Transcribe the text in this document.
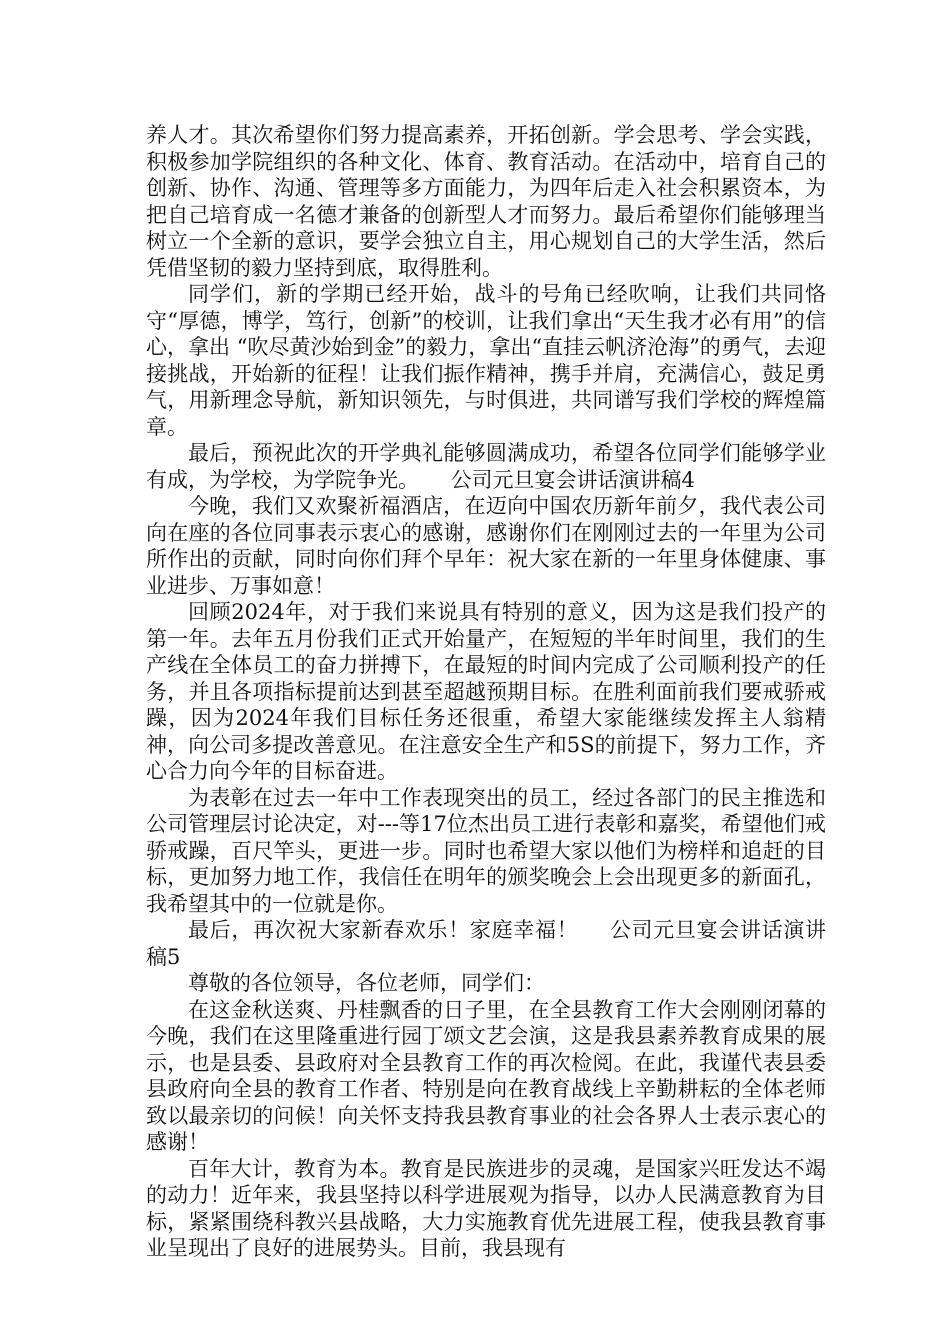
养人才。其次希望你们努力提高素养，开拓创新。学会思考、学会实践，积极参加学院组织的各种文化、体育、教育活动。在活动中，培育自己的创新、协作、沟通、管理等多方面能力，为四年后走入社会积累资本，为把自己培育成一名德才兼备的创新型人才而努力。最后希望你们能够理当树立一个全新的意识，要学会独立自主，用心规划自己的大学生活，然后凭借坚韧的毅力坚持到底，取得胜利。

同学们，新的学期已经开始，战斗的号角已经吹响，让我们共同恪守“厚德，博学，笃行，创新”的校训，让我们拿出“天生我才必有用”的信心，拿出 “吹尽黄沙始到金”的毅力，拿出“直挂云帆济沧海”的勇气，去迎接挑战，开始新的征程！让我们振作精神，携手并肩，充满信心，鼓足勇气，用新理念导航，新知识领先，与时俱进，共同谱写我们学校的辉煌篇章。

最后，预祝此次的开学典礼能够圆满成功，希望各位同学们能够学业有成，为学校，为学院争光。 公司元旦宴会讲话演讲稿4

今晚，我们又欢聚祈福酒店，在迈向中国农历新年前夕，我代表公司向在座的各位同事表示衷心的感谢，感谢你们在刚刚过去的一年里为公司所作出的贡献，同时向你们拜个早年：祝大家在新的一年里身体健康、事业进步、万事如意！

回顾2024年，对于我们来说具有特别的意义，因为这是我们投产的第一年。去年五月份我们正式开始量产，在短短的半年时间里，我们的生产线在全体员工的奋力拼搏下，在最短的时间内完成了公司顺利投产的任务，并且各项指标提前达到甚至超越预期目标。在胜利面前我们要戒骄戒躁，因为2024年我们目标任务还很重，希望大家能继续发挥主人翁精神，向公司多提改善意见。在注意安全生产和5S的前提下，努力工作，齐心合力向今年的目标奋进。

为表彰在过去一年中工作表现突出的员工，经过各部门的民主推选和公司管理层讨论决定，对---等17位杰出员工进行表彰和嘉奖，希望他们戒骄戒躁，百尺竿头，更进一步。同时也希望大家以他们为榜样和追赶的目标，更加努力地工作，我信任在明年的颁奖晚会上会出现更多的新面孔，我希望其中的一位就是你。

最后，再次祝大家新春欢乐！家庭幸福！ 公司元旦宴会讲话演讲稿5

尊敬的各位领导，各位老师，同学们：

在这金秋送爽、丹桂飘香的日子里，在全县教育工作大会刚刚闭幕的今晚，我们在这里隆重进行园丁颂文艺会演，这是我县素养教育成果的展示，也是县委、县政府对全县教育工作的再次检阅。在此，我谨代表县委县政府向全县的教育工作者、特别是向在教育战线上辛勤耕耘的全体老师致以最亲切的问候！向关怀支持我县教育事业的社会各界人士表示衷心的感谢！

百年大计，教育为本。教育是民族进步的灵魂，是国家兴旺发达不竭的动力！近年来，我县坚持以科学进展观为指导，以办人民满意教育为目标，紧紧围绕科教兴县战略，大力实施教育优先进展工程，使我县教育事业呈现出了良好的进展势头。目前，我县现有
